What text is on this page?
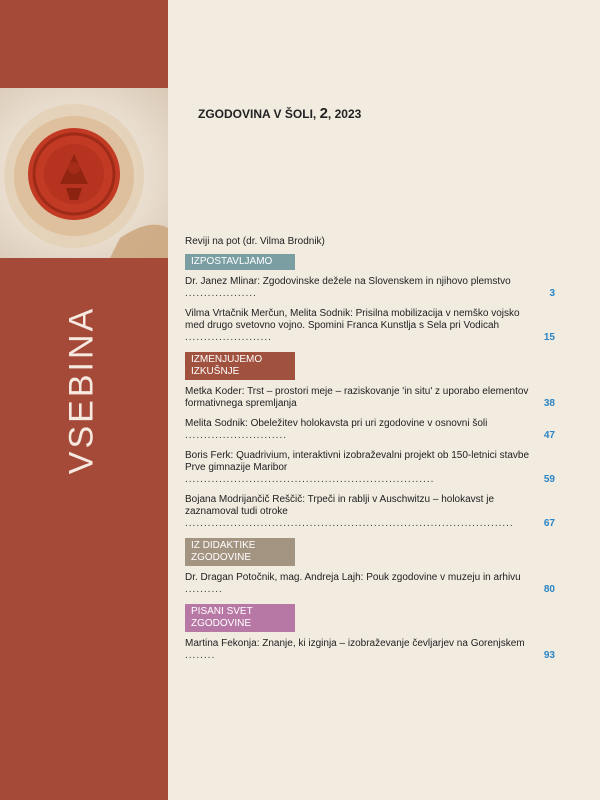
VSEBINA
ZGODOVINA V ŠOLI, 2, 2023
Reviji na pot (dr. Vilma Brodnik)
IZPOSTAVLJAMO
Dr. Janez Mlinar: Zgodovinske dežele na Slovenskem in njihovo plemstvo ...................	3
Vilma Vrtačnik Merčun, Melita Sodnik: Prisilna mobilizacija v nemško vojsko med drugo svetovno vojno. Spomini Franca Kunstlja s Sela pri Vodicah .......................	15
IZMENJUJEMO IZKUŠNJE
Metka Koder: Trst – prostori meje – raziskovanje 'in situ' z uporabo elementov formativnega spremljanja	38
Melita Sodnik: Obeležitev holokavsta pri uri zgodovine v osnovni šoli ...........................	47
Boris Ferk: Quadrivium, interaktivni izobraževalni projekt ob 150-letnici stavbe Prve gimnazije Maribor ..................................................................	59
Bojana Modrijančič Reščič: Trpeči in rablji v Auschwitzu – holokavst je zaznamoval tudi otroke .......................................................................................	67
IZ DIDAKTIKE ZGODOVINE
Dr. Dragan Potočnik, mag. Andreja Lajh: Pouk zgodovine v muzeju in arhivu ..........	80
PISANI SVET ZGODOVINE
Martina Fekonja: Znanje, ki izginja – izobraževanje čevljarjev na Gorenjskem ........	93
